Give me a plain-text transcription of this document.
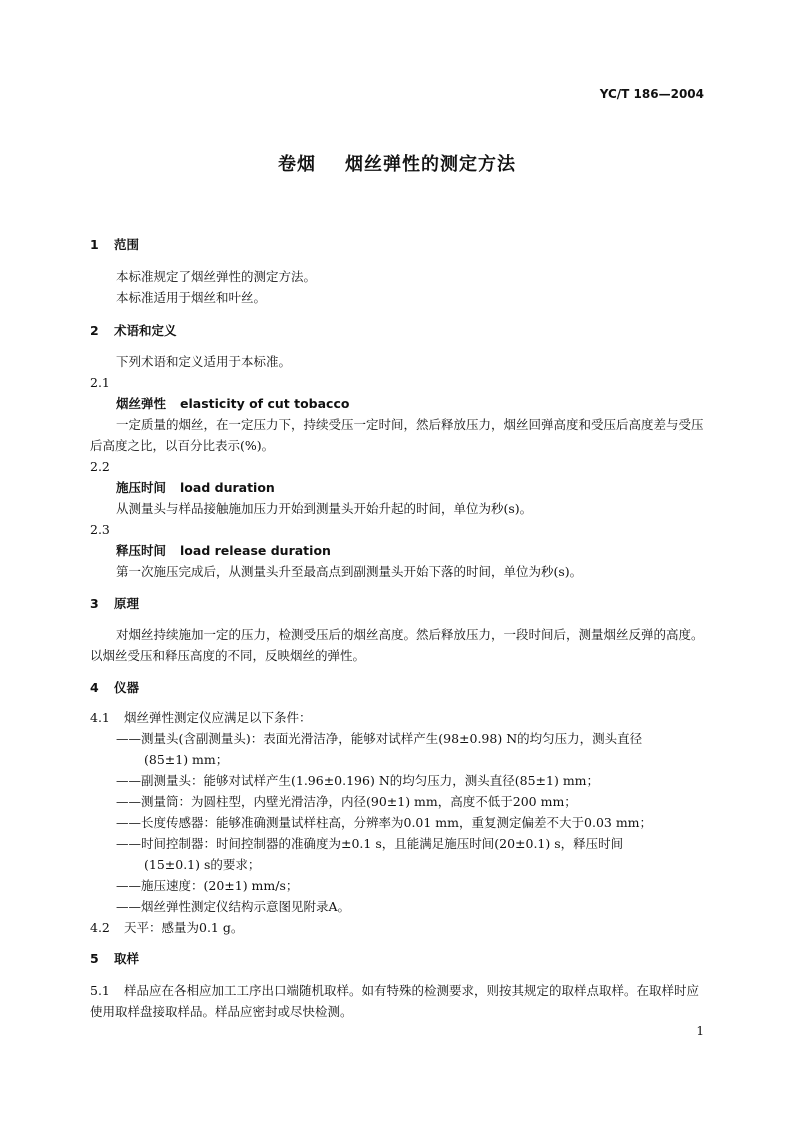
YC/T 186—2004
卷烟    烟丝弹性的测定方法
1 范围
本标准规定了烟丝弹性的测定方法。
本标准适用于烟丝和叶丝。
2 术语和定义
下列术语和定义适用于本标准。
2.1
烟丝弹性 elasticity of cut tobacco
一定质量的烟丝，在一定压力下，持续受压一定时间，然后释放压力，烟丝回弹高度和受压后高度差与受压后高度之比，以百分比表示(%)。
2.2
施压时间 load duration
从测量头与样品接触施加压力开始到测量头开始升起的时间，单位为秒(s)。
2.3
释压时间 load release duration
第一次施压完成后，从测量头升至最高点到副测量头开始下落的时间，单位为秒(s)。
3 原理
对烟丝持续施加一定的压力，检测受压后的烟丝高度。然后释放压力，一段时间后，测量烟丝反弹的高度。以烟丝受压和释压高度的不同，反映烟丝的弹性。
4 仪器
4.1 烟丝弹性测定仪应满足以下条件：
——测量头(含副测量头)：表面光滑洁净，能够对试样产生(98±0.98) N的均匀压力，测头直径
(85±1) mm；
——副测量头：能够对试样产生(1.96±0.196) N的均匀压力，测头直径(85±1) mm；
——测量筒：为圆柱型，内壁光滑洁净，内径(90±1) mm，高度不低于200 mm；
——长度传感器：能够准确测量试样柱高，分辨率为0.01 mm，重复测定偏差不大于0.03 mm；
——时间控制器：时间控制器的准确度为±0.1 s，且能满足施压时间(20±0.1) s，释压时间
(15±0.1) s的要求；
——施压速度：(20±1) mm/s；
——烟丝弹性测定仪结构示意图见附录A。
4.2 天平：感量为0.1 g。
5 取样
5.1 样品应在各相应加工工序出口端随机取样。如有特殊的检测要求，则按其规定的取样点取样。在取样时应使用取样盘接取样品。样品应密封或尽快检测。
1
